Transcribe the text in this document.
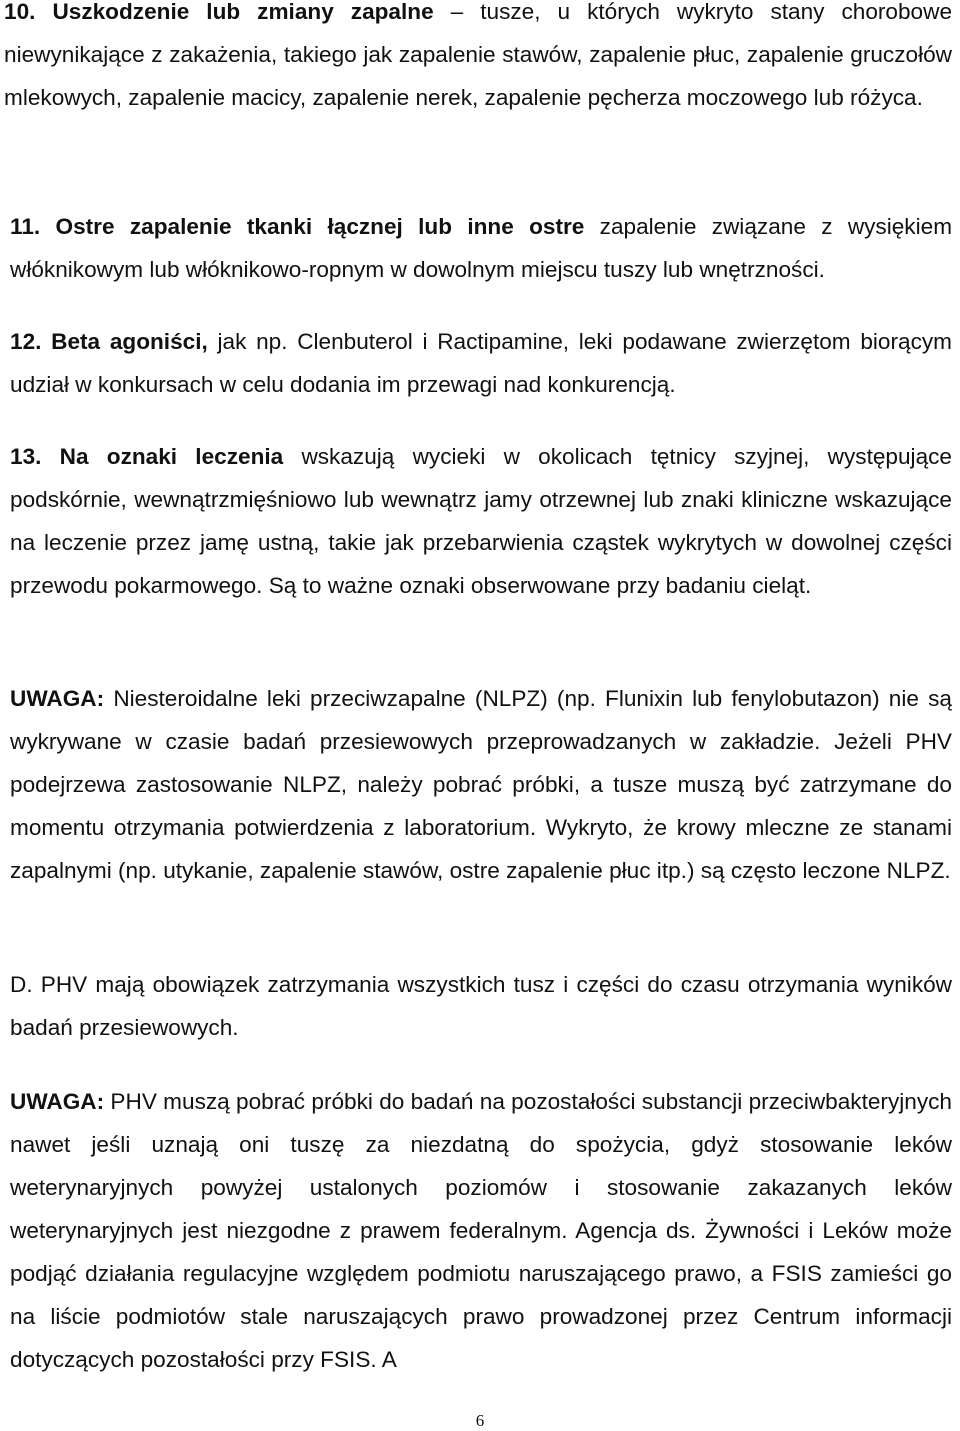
10. Uszkodzenie lub zmiany zapalne – tusze, u których wykryto stany chorobowe niewynikające z zakażenia, takiego jak zapalenie stawów, zapalenie płuc, zapalenie gruczołów mlekowych, zapalenie macicy, zapalenie nerek, zapalenie pęcherza moczowego lub różyca.

11. Ostre zapalenie tkanki łącznej lub inne ostre zapalenie związane z wysiękiem włóknikowym lub włóknikowo-ropnym w dowolnym miejscu tuszy lub wnętrzności.

12. Beta agoniści, jak np. Clenbuterol i Ractipamine, leki podawane zwierzętom biorącym udział w konkursach w celu dodania im przewagi nad konkurencją.

13. Na oznaki leczenia wskazują wycieki w okolicach tętnicy szyjnej, występujące podskórnie, wewnątrzmięśniowo lub wewnątrz jamy otrzewnej lub znaki kliniczne wskazujące na leczenie przez jamę ustną, takie jak przebarwienia cząstek wykrytych w dowolnej części przewodu pokarmowego. Są to ważne oznaki obserwowane przy badaniu cieląt.

UWAGA: Niesteroidalne leki przeciwzapalne (NLPZ) (np. Flunixin lub fenylobutazon) nie są wykrywane w czasie badań przesiewowych przeprowadzanych w zakładzie. Jeżeli PHV podejrzewa zastosowanie NLPZ, należy pobrać próbki, a tusze muszą być zatrzymane do momentu otrzymania potwierdzenia z laboratorium. Wykryto, że krowy mleczne ze stanami zapalnymi (np. utykanie, zapalenie stawów, ostre zapalenie płuc itp.) są często leczone NLPZ.

D. PHV mają obowiązek zatrzymania wszystkich tusz i części do czasu otrzymania wyników badań przesiewowych.

UWAGA: PHV muszą pobrać próbki do badań na pozostałości substancji przeciwbakteryjnych nawet jeśli uznają oni tuszę za niezdatną do spożycia, gdyż stosowanie leków weterynaryjnych powyżej ustalonych poziomów i stosowanie zakazanych leków weterynaryjnych jest niezgodne z prawem federalnym. Agencja ds. Żywności i Leków może podjąć działania regulacyjne względem podmiotu naruszającego prawo, a FSIS zamieści go na liście podmiotów stale naruszających prawo prowadzonej przez Centrum informacji dotyczących pozostałości przy FSIS. A

6
